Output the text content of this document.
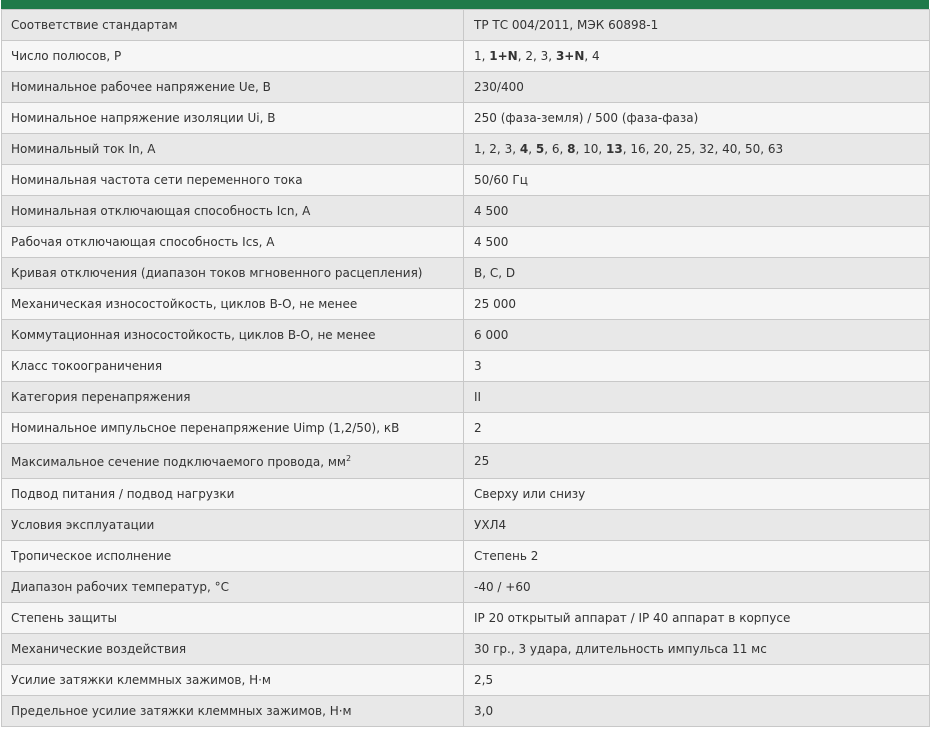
Соответствие стандартам	ТР ТС 004/2011, МЭК 60898-1
Число полюсов, Р	1, 1+N, 2, 3, 3+N, 4
Номинальное рабочее напряжение Ue, В	230/400
Номинальное напряжение изоляции Ui, В	250 (фаза-земля) / 500 (фаза-фаза)
Номинальный ток In, А	1, 2, 3, 4, 5, 6, 8, 10, 13, 16, 20, 25, 32, 40, 50, 63
Номинальная частота сети переменного тока	50/60 Гц
Номинальная отключающая способность Icn, А	4 500
Рабочая отключающая способность Ics, А	4 500
Кривая отключения (диапазон токов мгновенного расцепления)	B, C, D
Механическая износостойкость, циклов В-О, не менее	25 000
Коммутационная износостойкость, циклов В-О, не менее	6 000
Класс токоограничения	3
Категория перенапряжения	II
Номинальное импульсное перенапряжение Uimp (1,2/50), кВ	2
Максимальное сечение подключаемого провода, $мм^2$	25
Подвод питания / подвод нагрузки	Сверху или снизу
Условия эксплуатации	УХЛ4
Тропическое исполнение	Степень 2
Диапазон рабочих температур, °С	-40 / +60
Степень защиты	IP 20 открытый аппарат / IP 40 аппарат в корпусе
Механические воздействия	30 гр., 3 удара, длительность импульса 11 мс
Усилие затяжки клеммных зажимов, Н·м	2,5
Предельное усилие затяжки клеммных зажимов, Н·м	3,0
